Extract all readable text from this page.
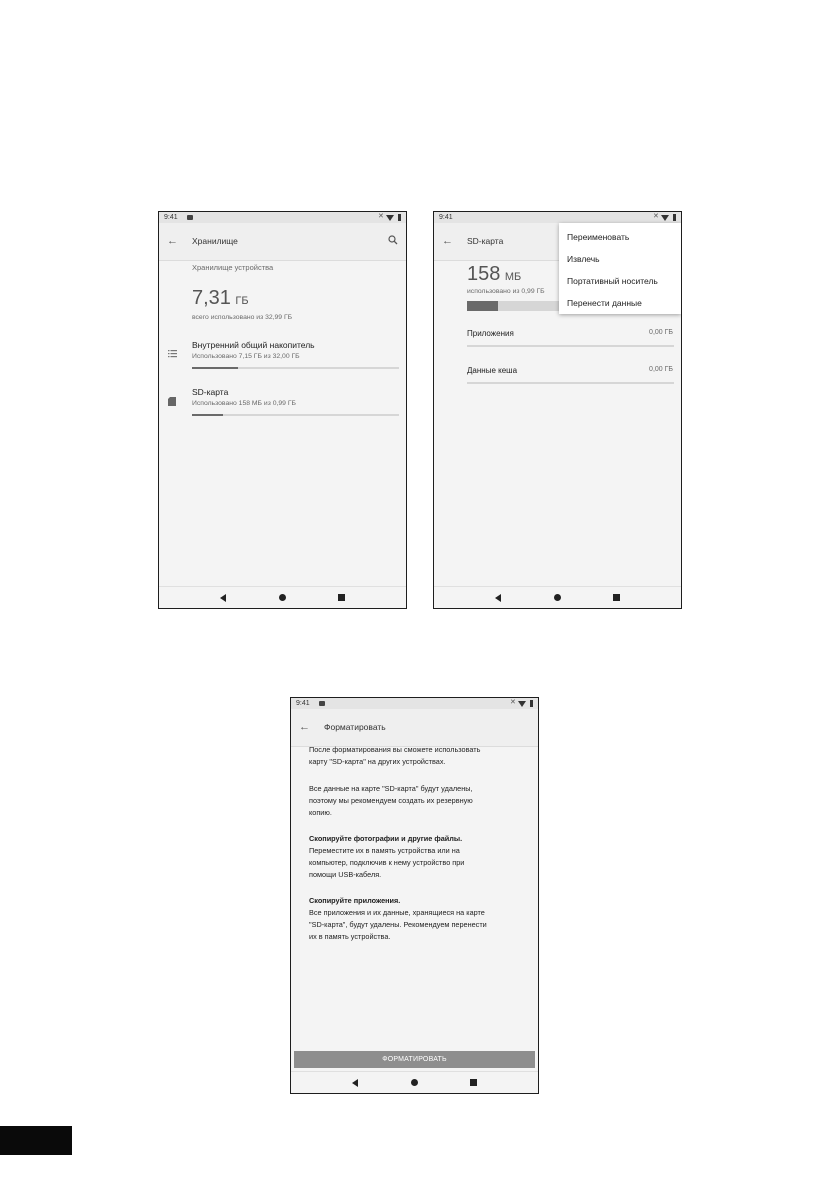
9:41	✕
← Хранилище
Хранилище устройства
7,31 ГБ
всего использовано из 32,99 ГБ
Внутренний общий накопитель
Использовано 7,15 ГБ из 32,00 ГБ
SD-карта
Использовано 158 МБ из 0,99 ГБ
9:41	✕
← SD-карта
158 МБ
использовано из 0,99 ГБ
Приложения	0,00 ГБ
Данные кеша	0,00 ГБ
Переименовать
Извлечь
Портативный носитель
Перенести данные
9:41	✕
← Форматировать
После форматирования вы сможете использовать
карту "SD-карта" на других устройствах.
Все данные на карте "SD-карта" будут удалены,
поэтому мы рекомендуем создать их резервную
копию.
Скопируйте фотографии и другие файлы.
Переместите их в память устройства или на
компьютер, подключив к нему устройство при
помощи USB-кабеля.
Скопируйте приложения.
Все приложения и их данные, хранящиеся на карте
"SD-карта", будут удалены. Рекомендуем перенести
их в память устройства.
ФОРМАТИРОВАТЬ
